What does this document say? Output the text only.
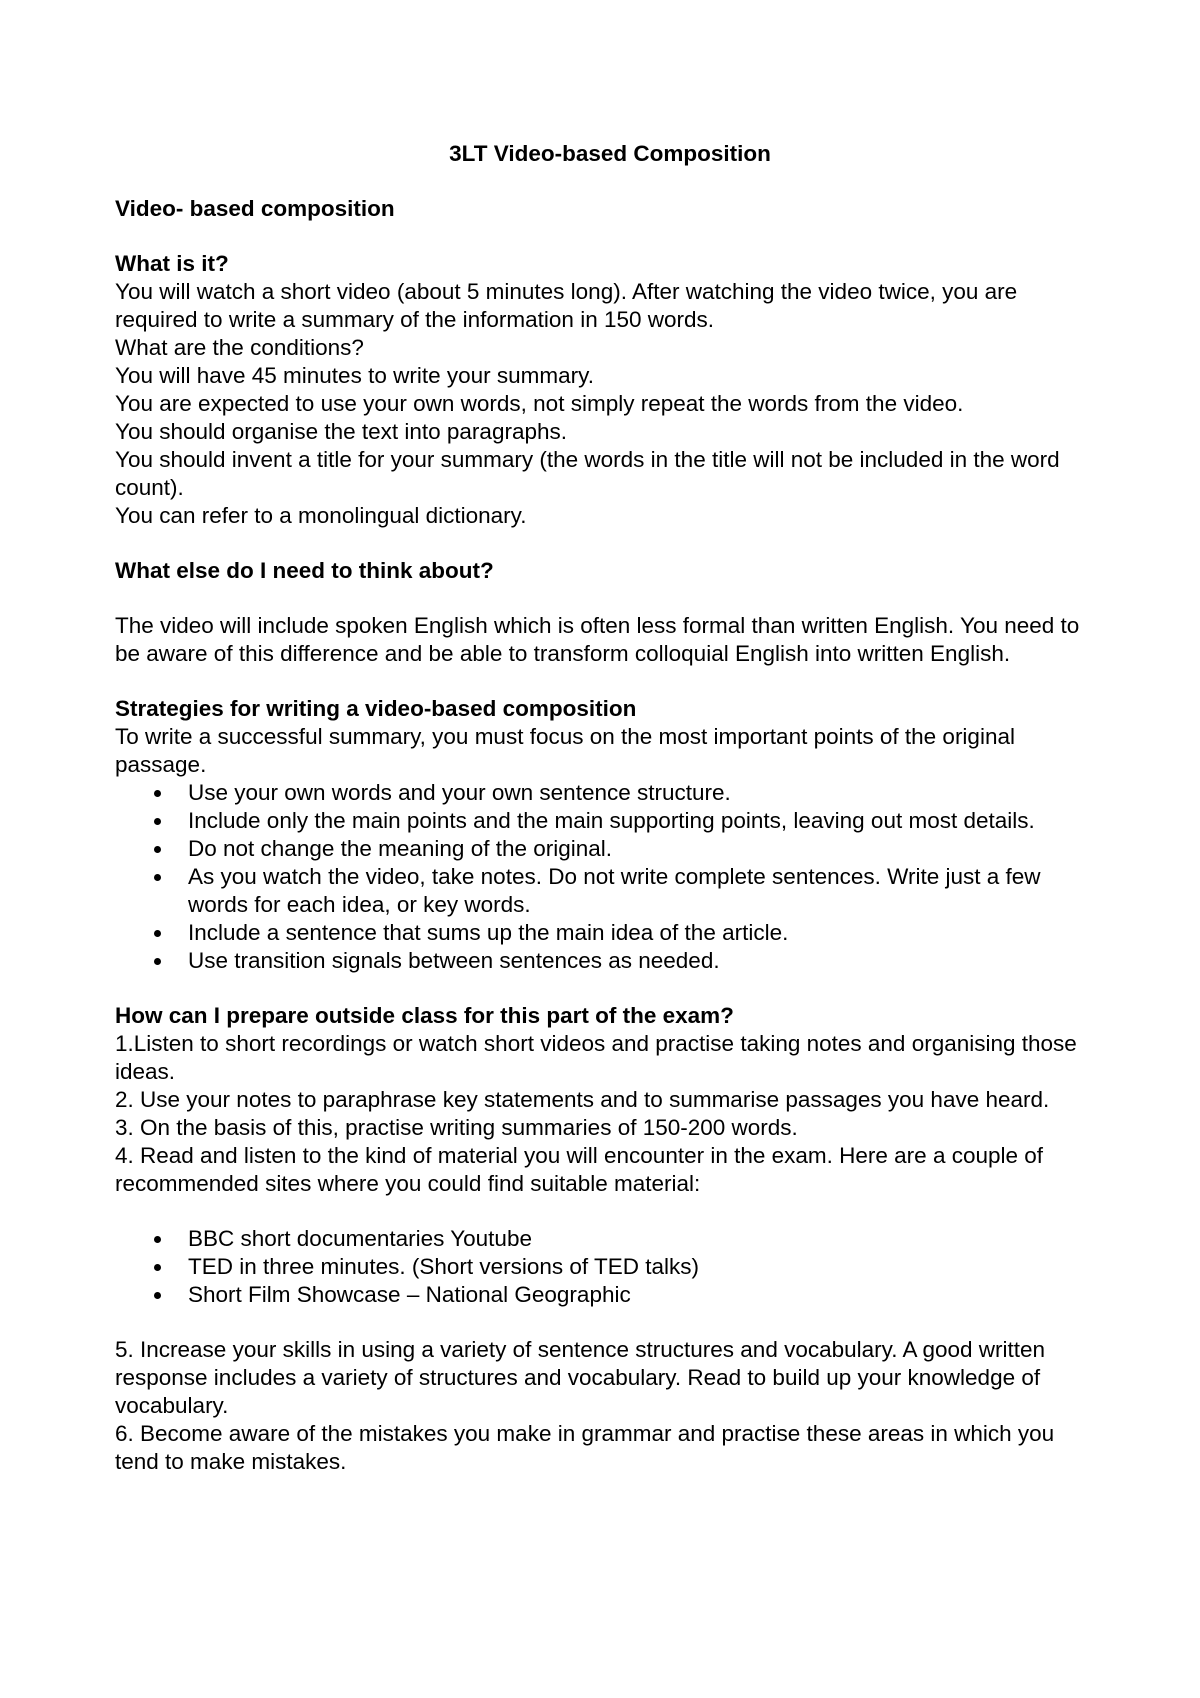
3LT Video-based Composition

Video- based composition

What is it?

You will watch a short video (about 5 minutes long). After watching the video twice, you are required to write a summary of the information in 150 words.

What are the conditions?

You will have 45 minutes to write your summary.

You are expected to use your own words, not simply repeat the words from the video.

You should organise the text into paragraphs.

You should invent a title for your summary (the words in the title will not be included in the word count).

You can refer to a monolingual dictionary.

What else do I need to think about?

The video will include spoken English which is often less formal than written English. You need to be aware of this difference and be able to transform colloquial English into written English.

Strategies for writing a video-based composition

To write a successful summary, you must focus on the most important points of the original passage.

Use your own words and your own sentence structure.
Include only the main points and the main supporting points, leaving out most details.
Do not change the meaning of the original.
As you watch the video, take notes. Do not write complete sentences. Write just a few words for each idea, or key words.
Include a sentence that sums up the main idea of the article.
Use transition signals between sentences as needed.

How can I prepare outside class for this part of the exam?

1.Listen to short recordings or watch short videos and practise taking notes and organising those ideas.

2. Use your notes to paraphrase key statements and to summarise passages you have heard.

3. On the basis of this, practise writing summaries of 150-200 words.

4. Read and listen to the kind of material you will encounter in the exam. Here are a couple of recommended sites where you could find suitable material:

BBC short documentaries Youtube
TED in three minutes. (Short versions of TED talks)
Short Film Showcase – National Geographic

5. Increase your skills in using a variety of sentence structures and vocabulary. A good written response includes a variety of structures and vocabulary. Read to build up your knowledge of vocabulary.

6. Become aware of the mistakes you make in grammar and practise these areas in which you tend to make mistakes.
